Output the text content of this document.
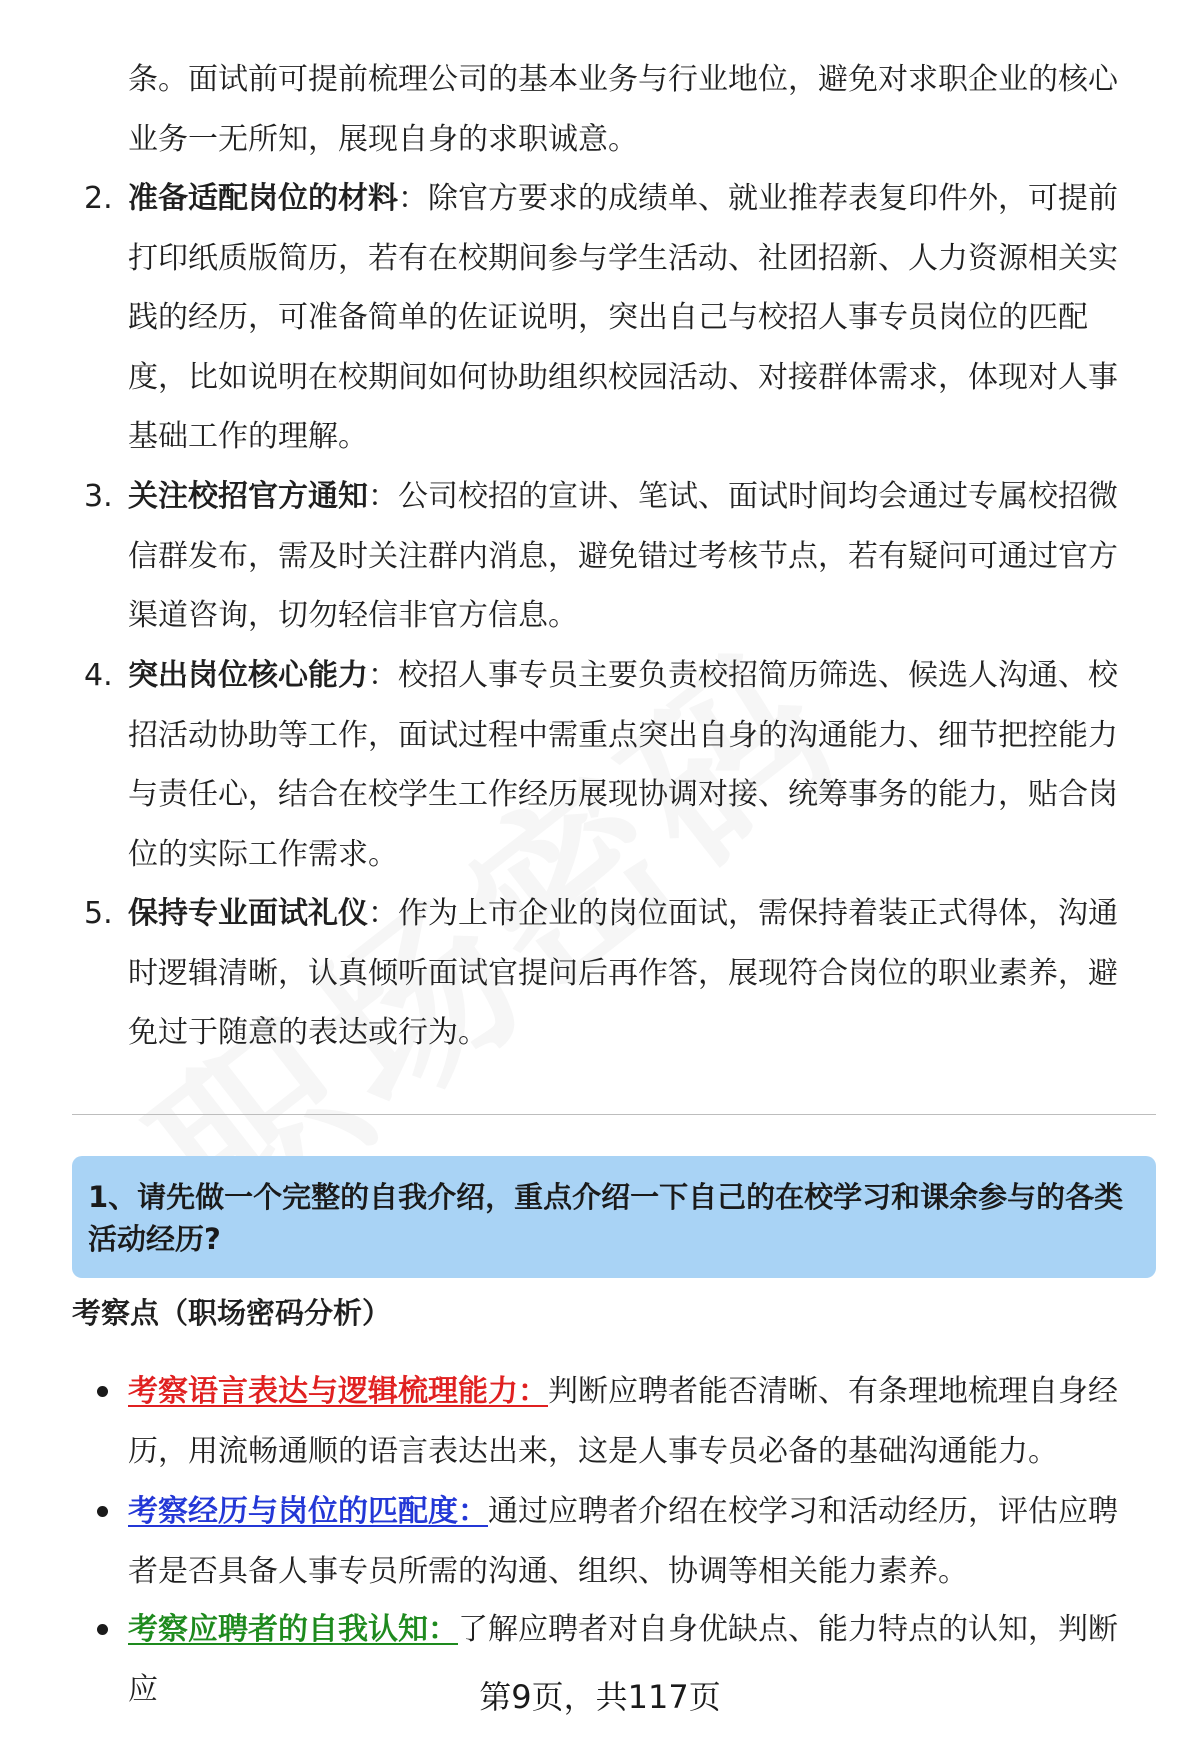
条。面试前可提前梳理公司的基本业务与行业地位，避免对求职企业的核心业务一无所知，展现自身的求职诚意。

2. 准备适配岗位的材料：除官方要求的成绩单、就业推荐表复印件外，可提前打印纸质版简历，若有在校期间参与学生活动、社团招新、人力资源相关实践的经历，可准备简单的佐证说明，突出自己与校招人事专员岗位的匹配度，比如说明在校期间如何协助组织校园活动、对接群体需求，体现对人事基础工作的理解。

3. 关注校招官方通知：公司校招的宣讲、笔试、面试时间均会通过专属校招微信群发布，需及时关注群内消息，避免错过考核节点，若有疑问可通过官方渠道咨询，切勿轻信非官方信息。

4. 突出岗位核心能力：校招人事专员主要负责校招简历筛选、候选人沟通、校招活动协助等工作，面试过程中需重点突出自身的沟通能力、细节把控能力与责任心，结合在校学生工作经历展现协调对接、统筹事务的能力，贴合岗位的实际工作需求。

5. 保持专业面试礼仪：作为上市企业的岗位面试，需保持着装正式得体，沟通时逻辑清晰，认真倾听面试官提问后再作答，展现符合岗位的职业素养，避免过于随意的表达或行为。

1、请先做一个完整的自我介绍，重点介绍一下自己的在校学习和课余参与的各类活动经历?
考察点（职场密码分析）

考察语言表达与逻辑梳理能力：判断应聘者能否清晰、有条理地梳理自身经历，用流畅通顺的语言表达出来，这是人事专员必备的基础沟通能力。

考察经历与岗位的匹配度：通过应聘者介绍在校学习和活动经历，评估应聘者是否具备人事专员所需的沟通、组织、协调等相关能力素养。

考察应聘者的自我认知：了解应聘者对自身优缺点、能力特点的认知，判断应	第9页，共117页
